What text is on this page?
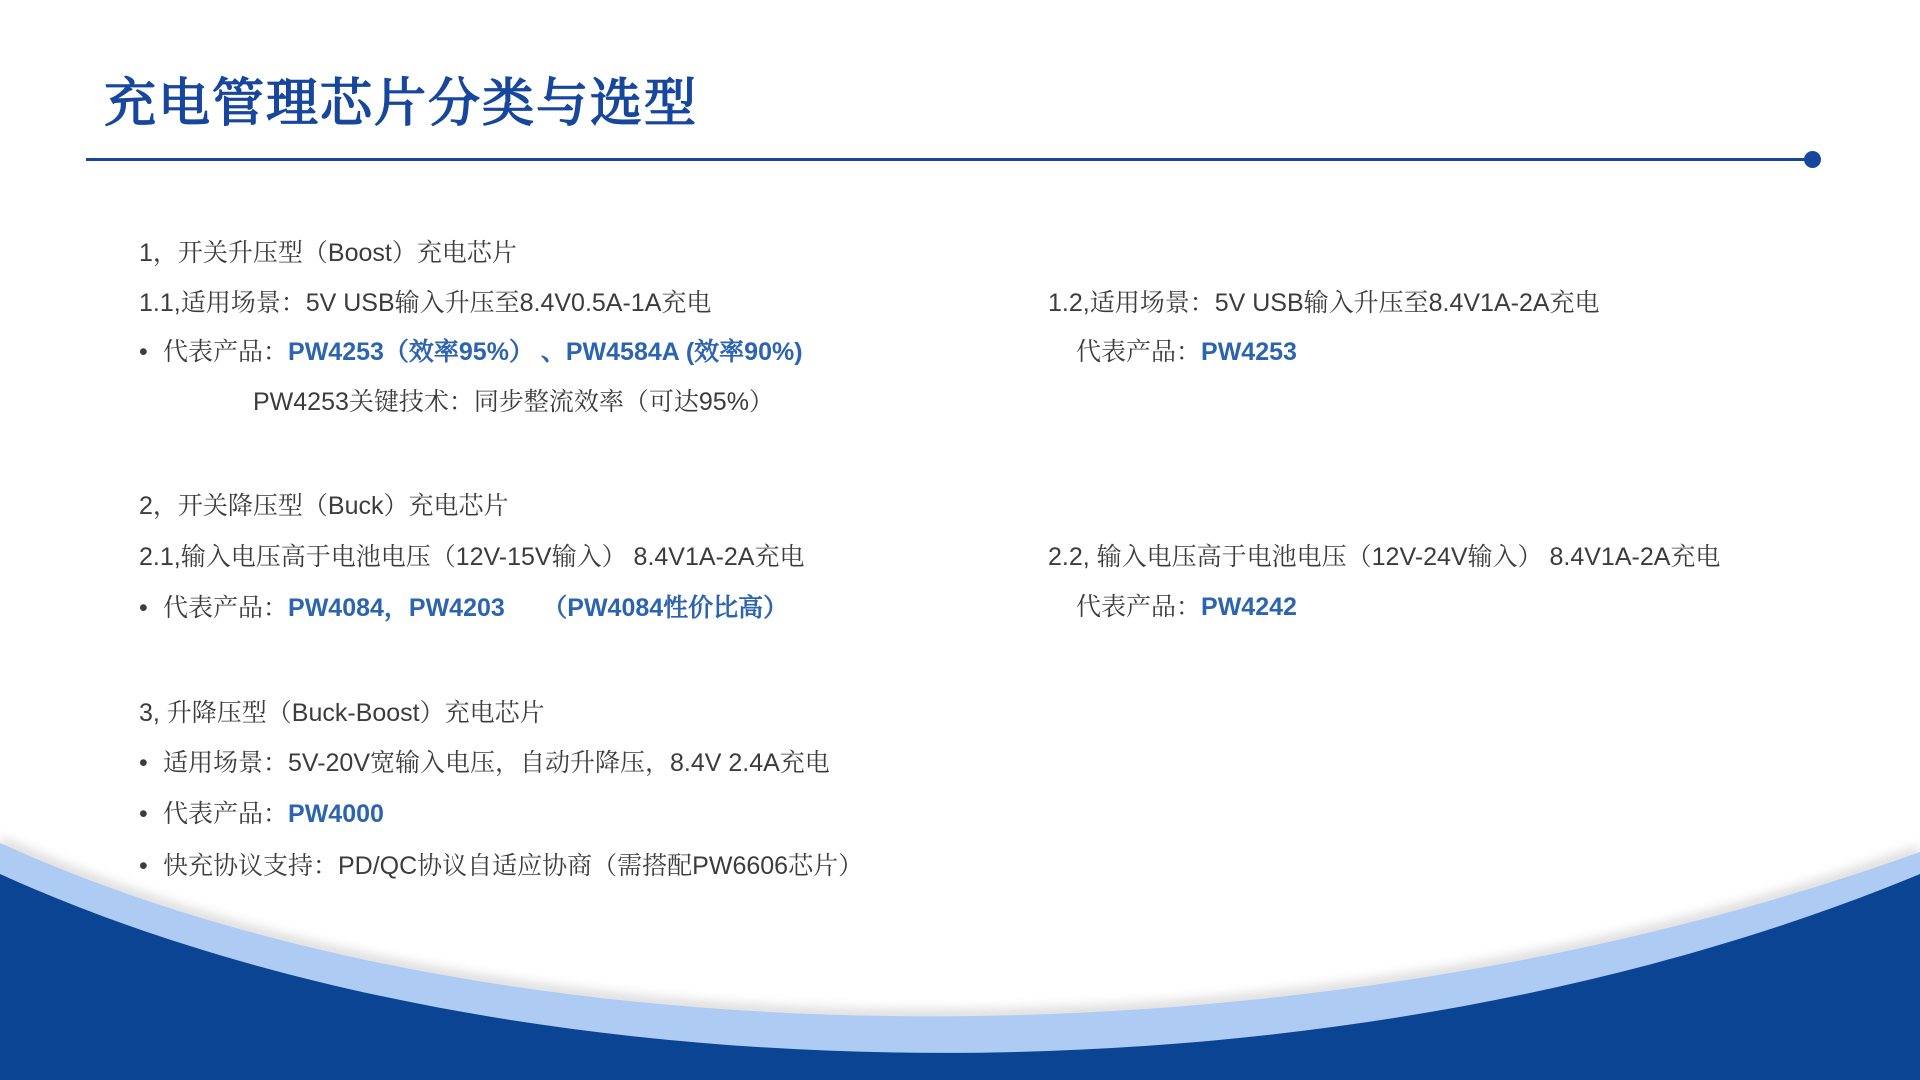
充电管理芯片分类与选型
1，开关升压型（Boost）充电芯片
1.1,适用场景：5V USB输入升压至8.4V0.5A-1A充电
• 代表产品：PW4253（效率95%） 、PW4584A (效率90%)
PW4253关键技术：同步整流效率（可达95%）
1.2,适用场景：5V USB输入升压至8.4V1A-2A充电
代表产品：PW4253
2，开关降压型（Buck）充电芯片
2.1,输入电压高于电池电压（12V-15V输入） 8.4V1A-2A充电
• 代表产品：PW4084，PW4203　　（PW4084性价比高）
2.2, 输入电压高于电池电压（12V-24V输入） 8.4V1A-2A充电
代表产品：PW4242
3, 升降压型（Buck-Boost）充电芯片
• 适用场景：5V-20V宽输入电压，自动升降压，8.4V 2.4A充电
• 代表产品：PW4000
• 快充协议支持：PD/QC协议自适应协商（需搭配PW6606芯片）
